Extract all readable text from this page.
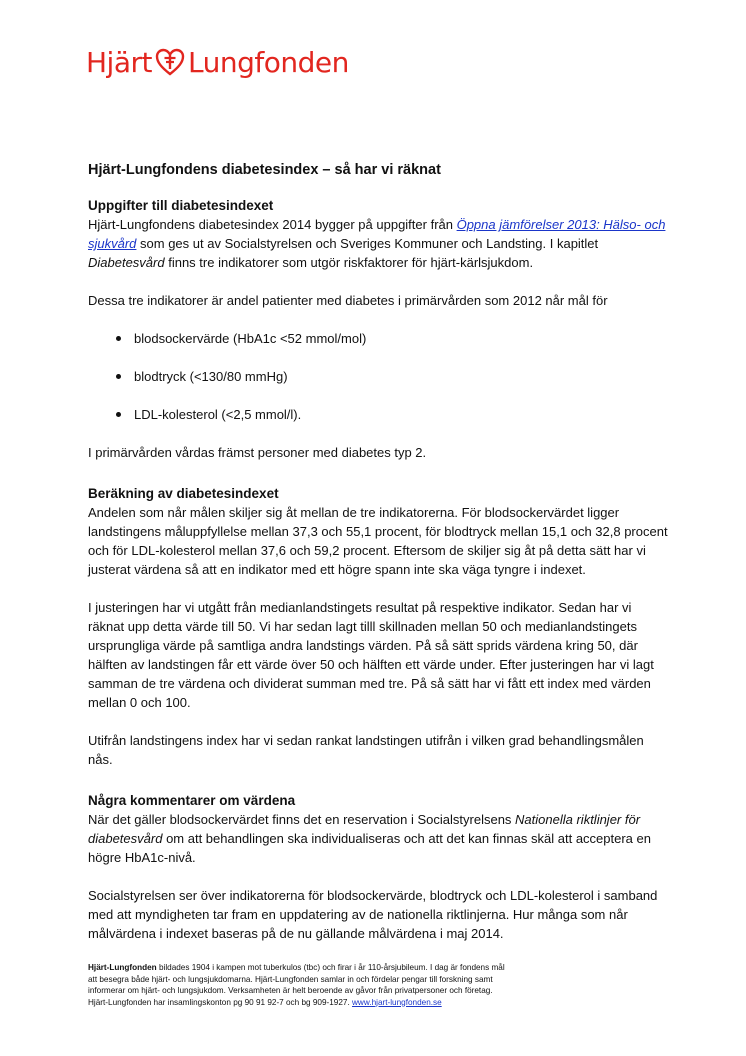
Hjärt Lungfonden
Hjärt-Lungfondens diabetesindex – så har vi räknat
Uppgifter till diabetesindexet

Hjärt-Lungfondens diabetesindex 2014 bygger på uppgifter från Öppna jämförelser 2013: Hälso- och sjukvård som ges ut av Socialstyrelsen och Sveriges Kommuner och Landsting. I kapitlet Diabetesvård finns tre indikatorer som utgör riskfaktorer för hjärt-kärlsjukdom.

Dessa tre indikatorer är andel patienter med diabetes i primärvården som 2012 når mål för

blodsockervärde (HbA1c <52 mmol/mol)
blodtryck (<130/80 mmHg)
LDL-kolesterol (<2,5 mmol/l).

I primärvården vårdas främst personer med diabetes typ 2.

Beräkning av diabetesindexet

Andelen som når målen skiljer sig åt mellan de tre indikatorerna. För blodsockervärdet ligger landstingens måluppfyllelse mellan 37,3 och 55,1 procent, för blodtryck mellan 15,1 och 32,8 procent och för LDL-kolesterol mellan 37,6 och 59,2 procent. Eftersom de skiljer sig åt på detta sätt har vi justerat värdena så att en indikator med ett högre spann inte ska väga tyngre i indexet.

I justeringen har vi utgått från medianlandstingets resultat på respektive indikator. Sedan har vi räknat upp detta värde till 50. Vi har sedan lagt tilll skillnaden mellan 50 och medianlandstingets ursprungliga värde på samtliga andra landstings värden. På så sätt sprids värdena kring 50, där hälften av landstingen får ett värde över 50 och hälften ett värde under. Efter justeringen har vi lagt samman de tre värdena och dividerat summan med tre. På så sätt har vi fått ett index med värden mellan 0 och 100.

Utifrån landstingens index har vi sedan rankat landstingen utifrån i vilken grad behandlingsmålen nås.

Några kommentarer om värdena

När det gäller blodsockervärdet finns det en reservation i Socialstyrelsens Nationella riktlinjer för diabetesvård om att behandlingen ska individualiseras och att det kan finnas skäl att acceptera en högre HbA1c-nivå.

Socialstyrelsen ser över indikatorerna för blodsockervärde, blodtryck och LDL-kolesterol i samband med att myndigheten tar fram en uppdatering av de nationella riktlinjerna. Hur många som når målvärdena i indexet baseras på de nu gällande målvärdena i maj 2014.

Hjärt-Lungfonden bildades 1904 i kampen mot tuberkulos (tbc) och firar i år 110-årsjubileum. I dag är fondens mål att besegra både hjärt- och lungsjukdomarna. Hjärt-Lungfonden samlar in och fördelar pengar till forskning samt informerar om hjärt- och lungsjukdom. Verksamheten är helt beroende av gåvor från privatpersoner och företag. Hjärt-Lungfonden har insamlingskonton pg 90 91 92-7 och bg 909-1927. www.hjart-lungfonden.se
